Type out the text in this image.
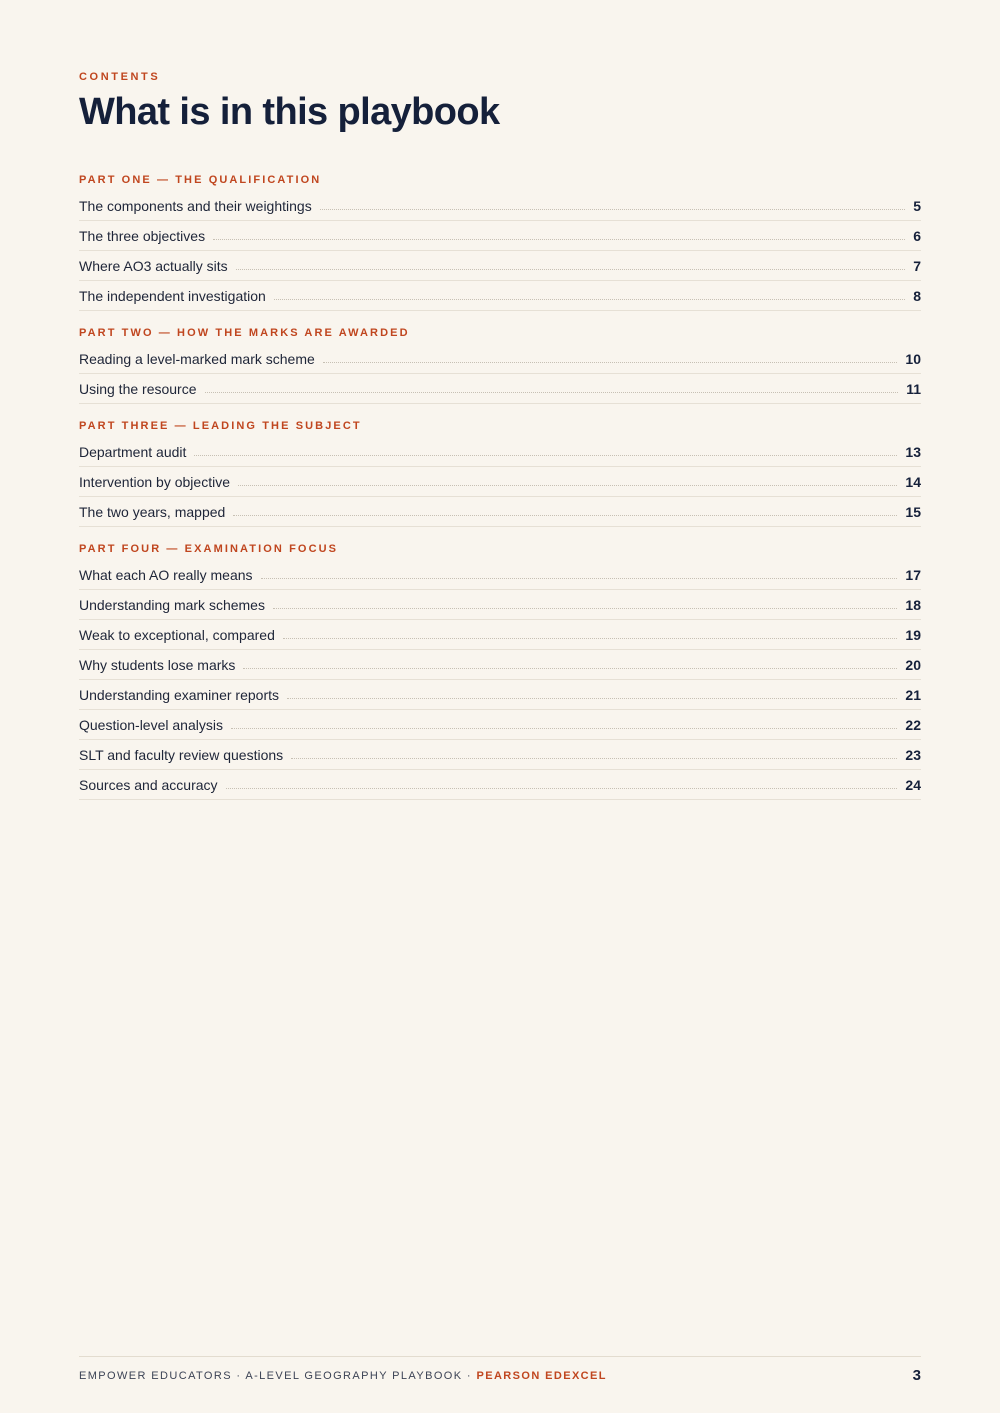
CONTENTS
What is in this playbook
PART ONE — THE QUALIFICATION
The components and their weightings	5
The three objectives	6
Where AO3 actually sits	7
The independent investigation	8
PART TWO — HOW THE MARKS ARE AWARDED
Reading a level-marked mark scheme	10
Using the resource	11
PART THREE — LEADING THE SUBJECT
Department audit	13
Intervention by objective	14
The two years, mapped	15
PART FOUR — EXAMINATION FOCUS
What each AO really means	17
Understanding mark schemes	18
Weak to exceptional, compared	19
Why students lose marks	20
Understanding examiner reports	21
Question-level analysis	22
SLT and faculty review questions	23
Sources and accuracy	24
EMPOWER EDUCATORS · A-LEVEL GEOGRAPHY PLAYBOOK · PEARSON EDEXCEL	3
